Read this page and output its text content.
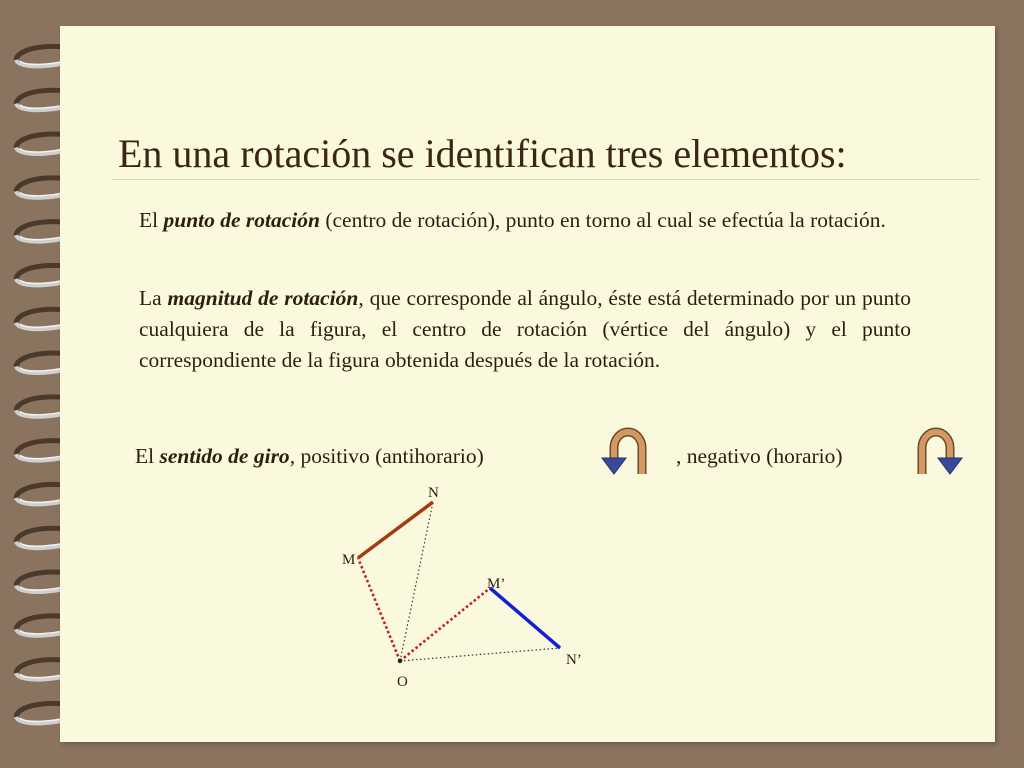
En una rotación se identifican tres elementos:

El punto de rotación (centro de rotación), punto en torno al cual se efectúa la rotación.

La magnitud de rotación, que corresponde al ángulo, éste está determinado por un punto cualquiera de la figura, el centro de rotación (vértice del ángulo) y el punto correspondiente de la figura obtenida después de la rotación.

El sentido de giro, positivo (antihorario)	, negativo (horario)

N
M
M’
N’
O
